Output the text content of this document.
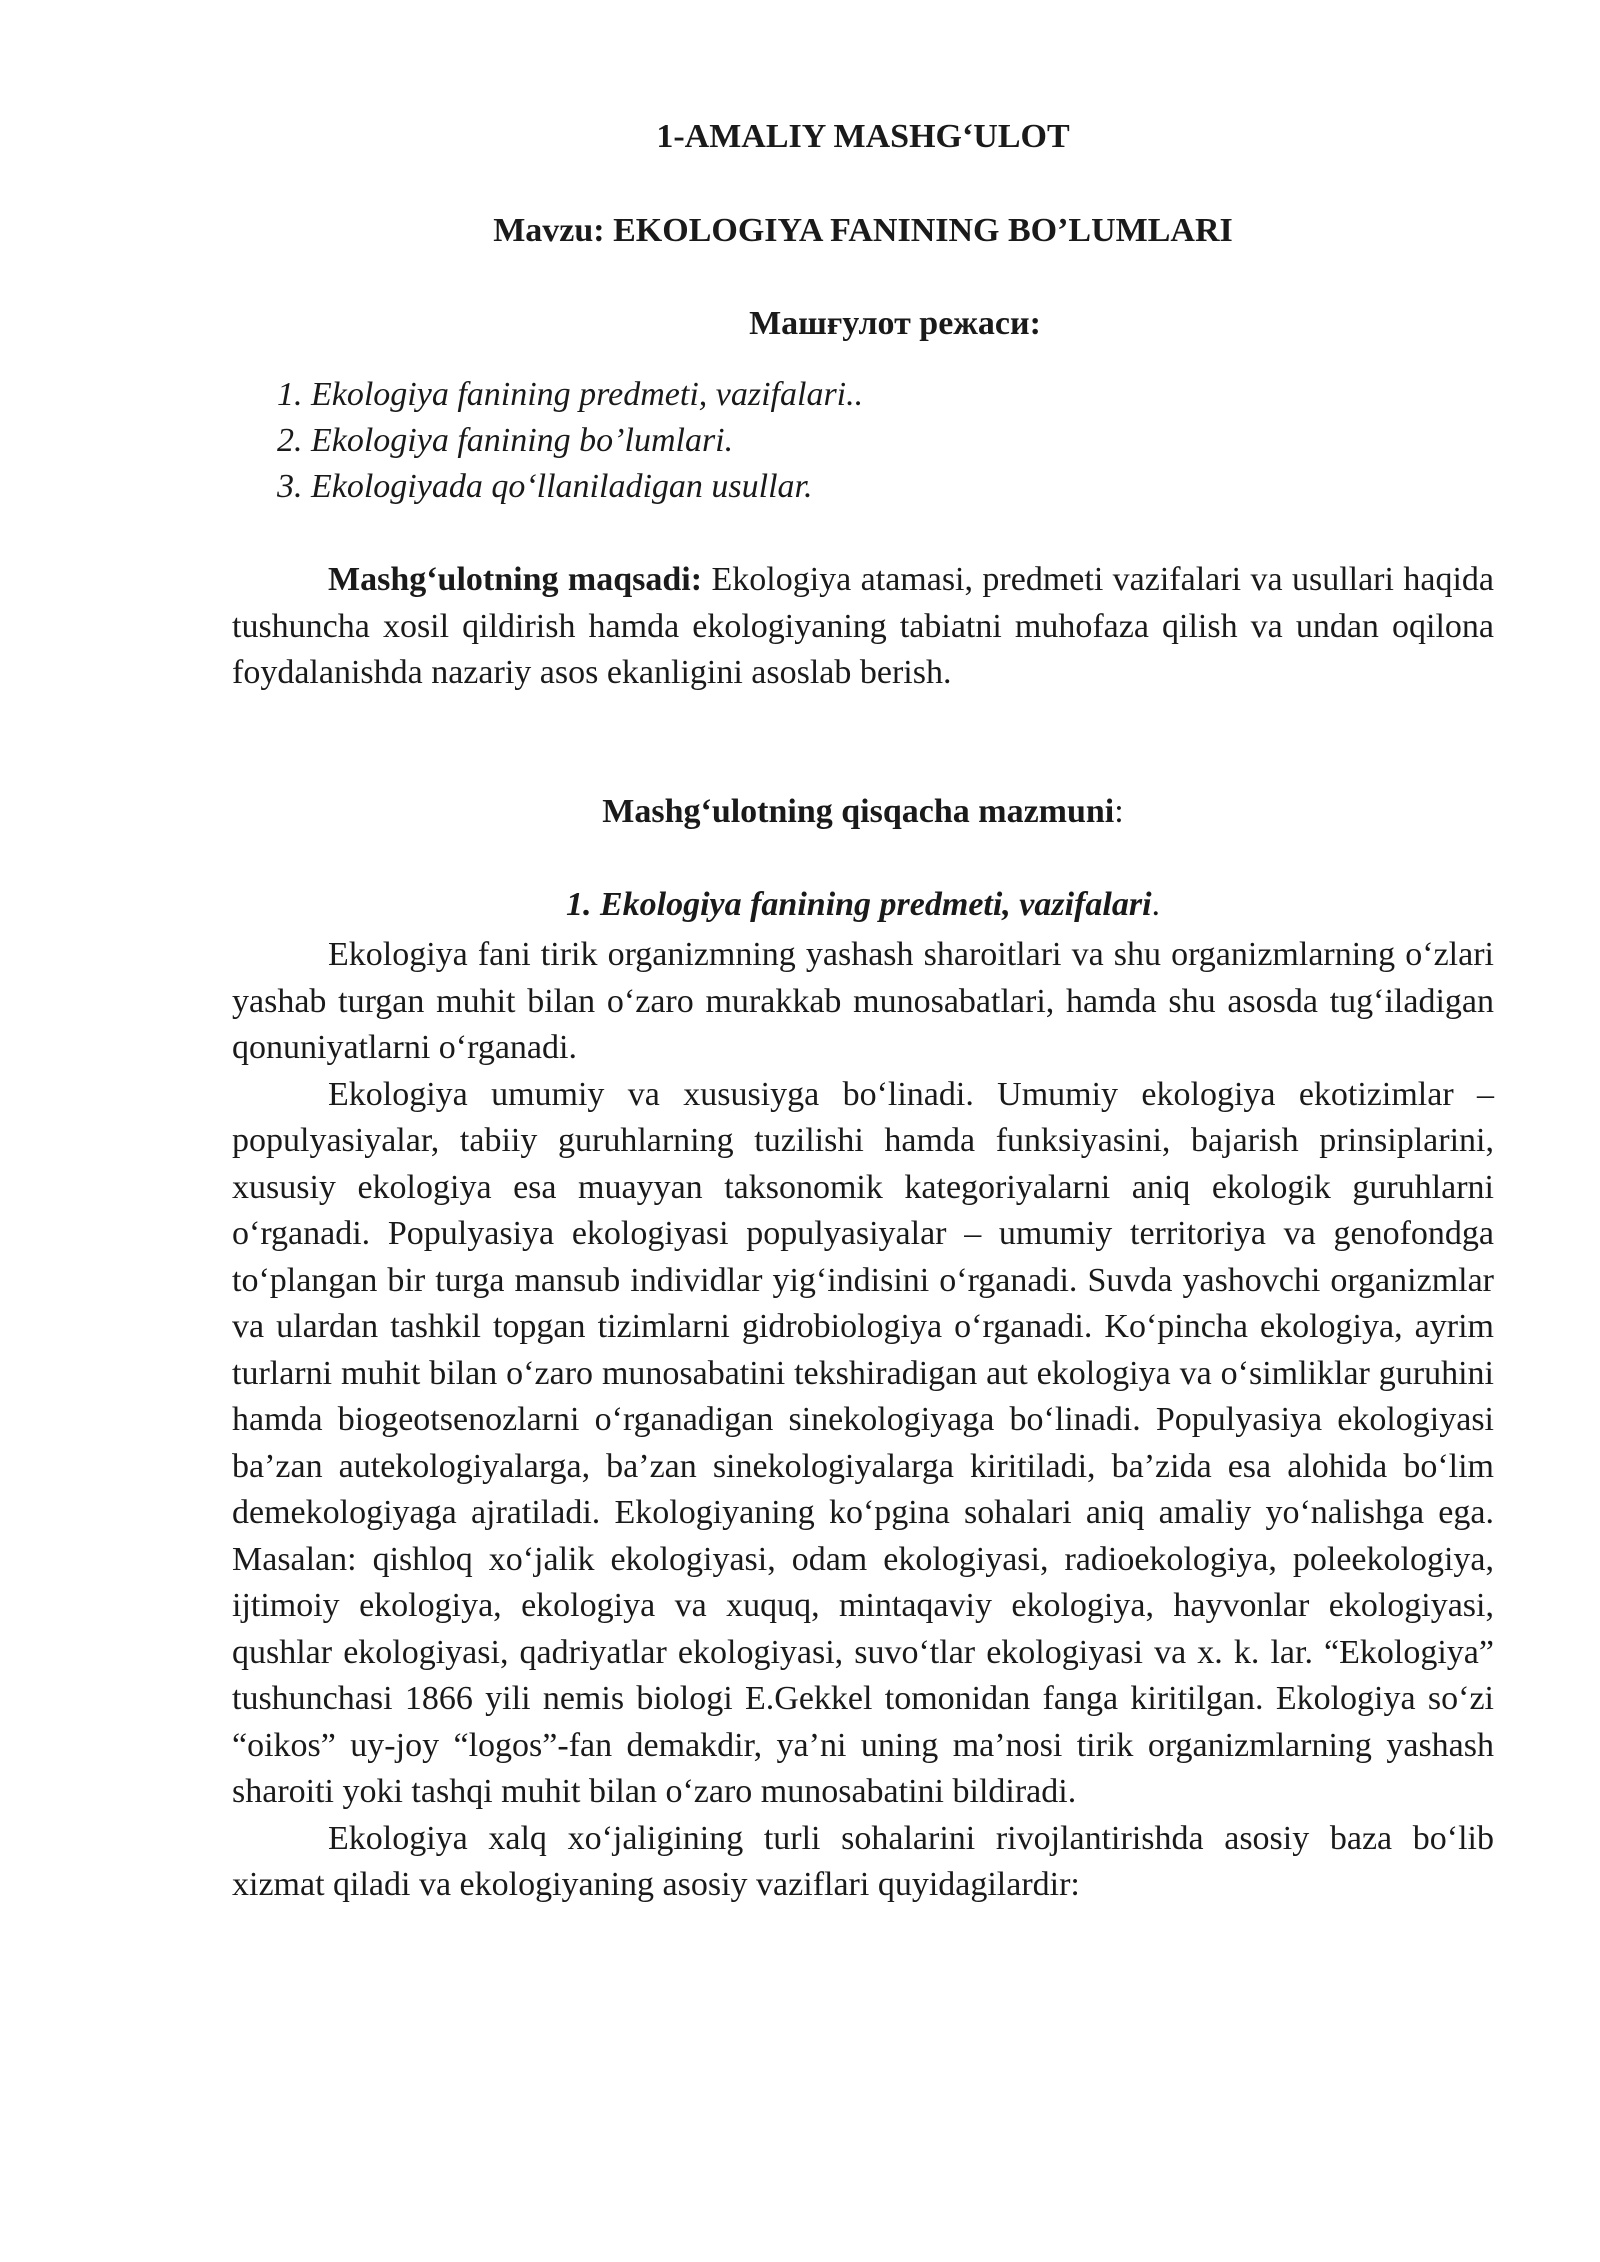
1-AMALIY MASHG‘ULOT
Mavzu: EKOLOGIYA FANINING BO’LUMLARI
Машғулот режаси:
1. Ekologiya fanining predmeti, vazifalari..
2. Ekologiya fanining bo’lumlari.
3. Ekologiyada qo‘llaniladigan usullar.

Mashg‘ulotning maqsadi: Ekologiya atamasi, predmeti vazifalari va usullari haqida tushuncha xosil qildirish hamda ekologiyaning tabiatni muhofaza qilish va undan oqilona foydalanishda nazariy asos ekanligini asoslab berish.

Mashg‘ulotning qisqacha mazmuni:
1. Ekologiya fanining predmeti, vazifalari.

Ekologiya fani tirik organizmning yashash sharoitlari va shu organizmlarning o‘zlari yashab turgan muhit bilan o‘zaro murakkab munosabatlari, hamda shu asosda tug‘iladigan qonuniyatlarni o‘rganadi.

Ekologiya umumiy va xususiyga bo‘linadi. Umumiy ekologiya ekotizimlar – populyasiyalar, tabiiy guruhlarning tuzilishi hamda funksiyasini, bajarish prinsiplarini, xususiy ekologiya esa muayyan taksonomik kategoriyalarni aniq ekologik guruhlarni o‘rganadi. Populyasiya ekologiyasi populyasiyalar – umumiy territoriya va genofondga to‘plangan bir turga mansub individlar yig‘indisini o‘rganadi. Suvda yashovchi organizmlar va ulardan tashkil topgan tizimlarni gidrobiologiya o‘rganadi. Ko‘pincha ekologiya, ayrim turlarni muhit bilan o‘zaro munosabatini tekshiradigan aut ekologiya va o‘simliklar guruhini hamda biogeotsenozlarni o‘rganadigan sinekologiyaga bo‘linadi. Populyasiya ekologiyasi ba’zan autekologiyalarga, ba’zan sinekologiyalarga kiritiladi, ba’zida esa alohida bo‘lim demekologiyaga ajratiladi. Ekologiyaning ko‘pgina sohalari aniq amaliy yo‘nalishga ega. Masalan: qishloq xo‘jalik ekologiyasi, odam ekologiyasi, radioekologiya, poleekologiya, ijtimoiy ekologiya, ekologiya va xuquq, mintaqaviy ekologiya, hayvonlar ekologiyasi, qushlar ekologiyasi, qadriyatlar ekologiyasi, suvo‘tlar ekologiyasi va x. k. lar. “Ekologiya” tushunchasi 1866 yili nemis biologi E.Gekkel tomonidan fanga kiritilgan. Ekologiya so‘zi “oikos” uy-joy “logos”-fan demakdir, ya’ni uning ma’nosi tirik organizmlarning yashash sharoiti yoki tashqi muhit bilan o‘zaro munosabatini bildiradi.

Ekologiya xalq xo‘jaligining turli sohalarini rivojlantirishda asosiy baza bo‘lib xizmat qiladi va ekologiyaning asosiy vaziflari quyidagilardir:
